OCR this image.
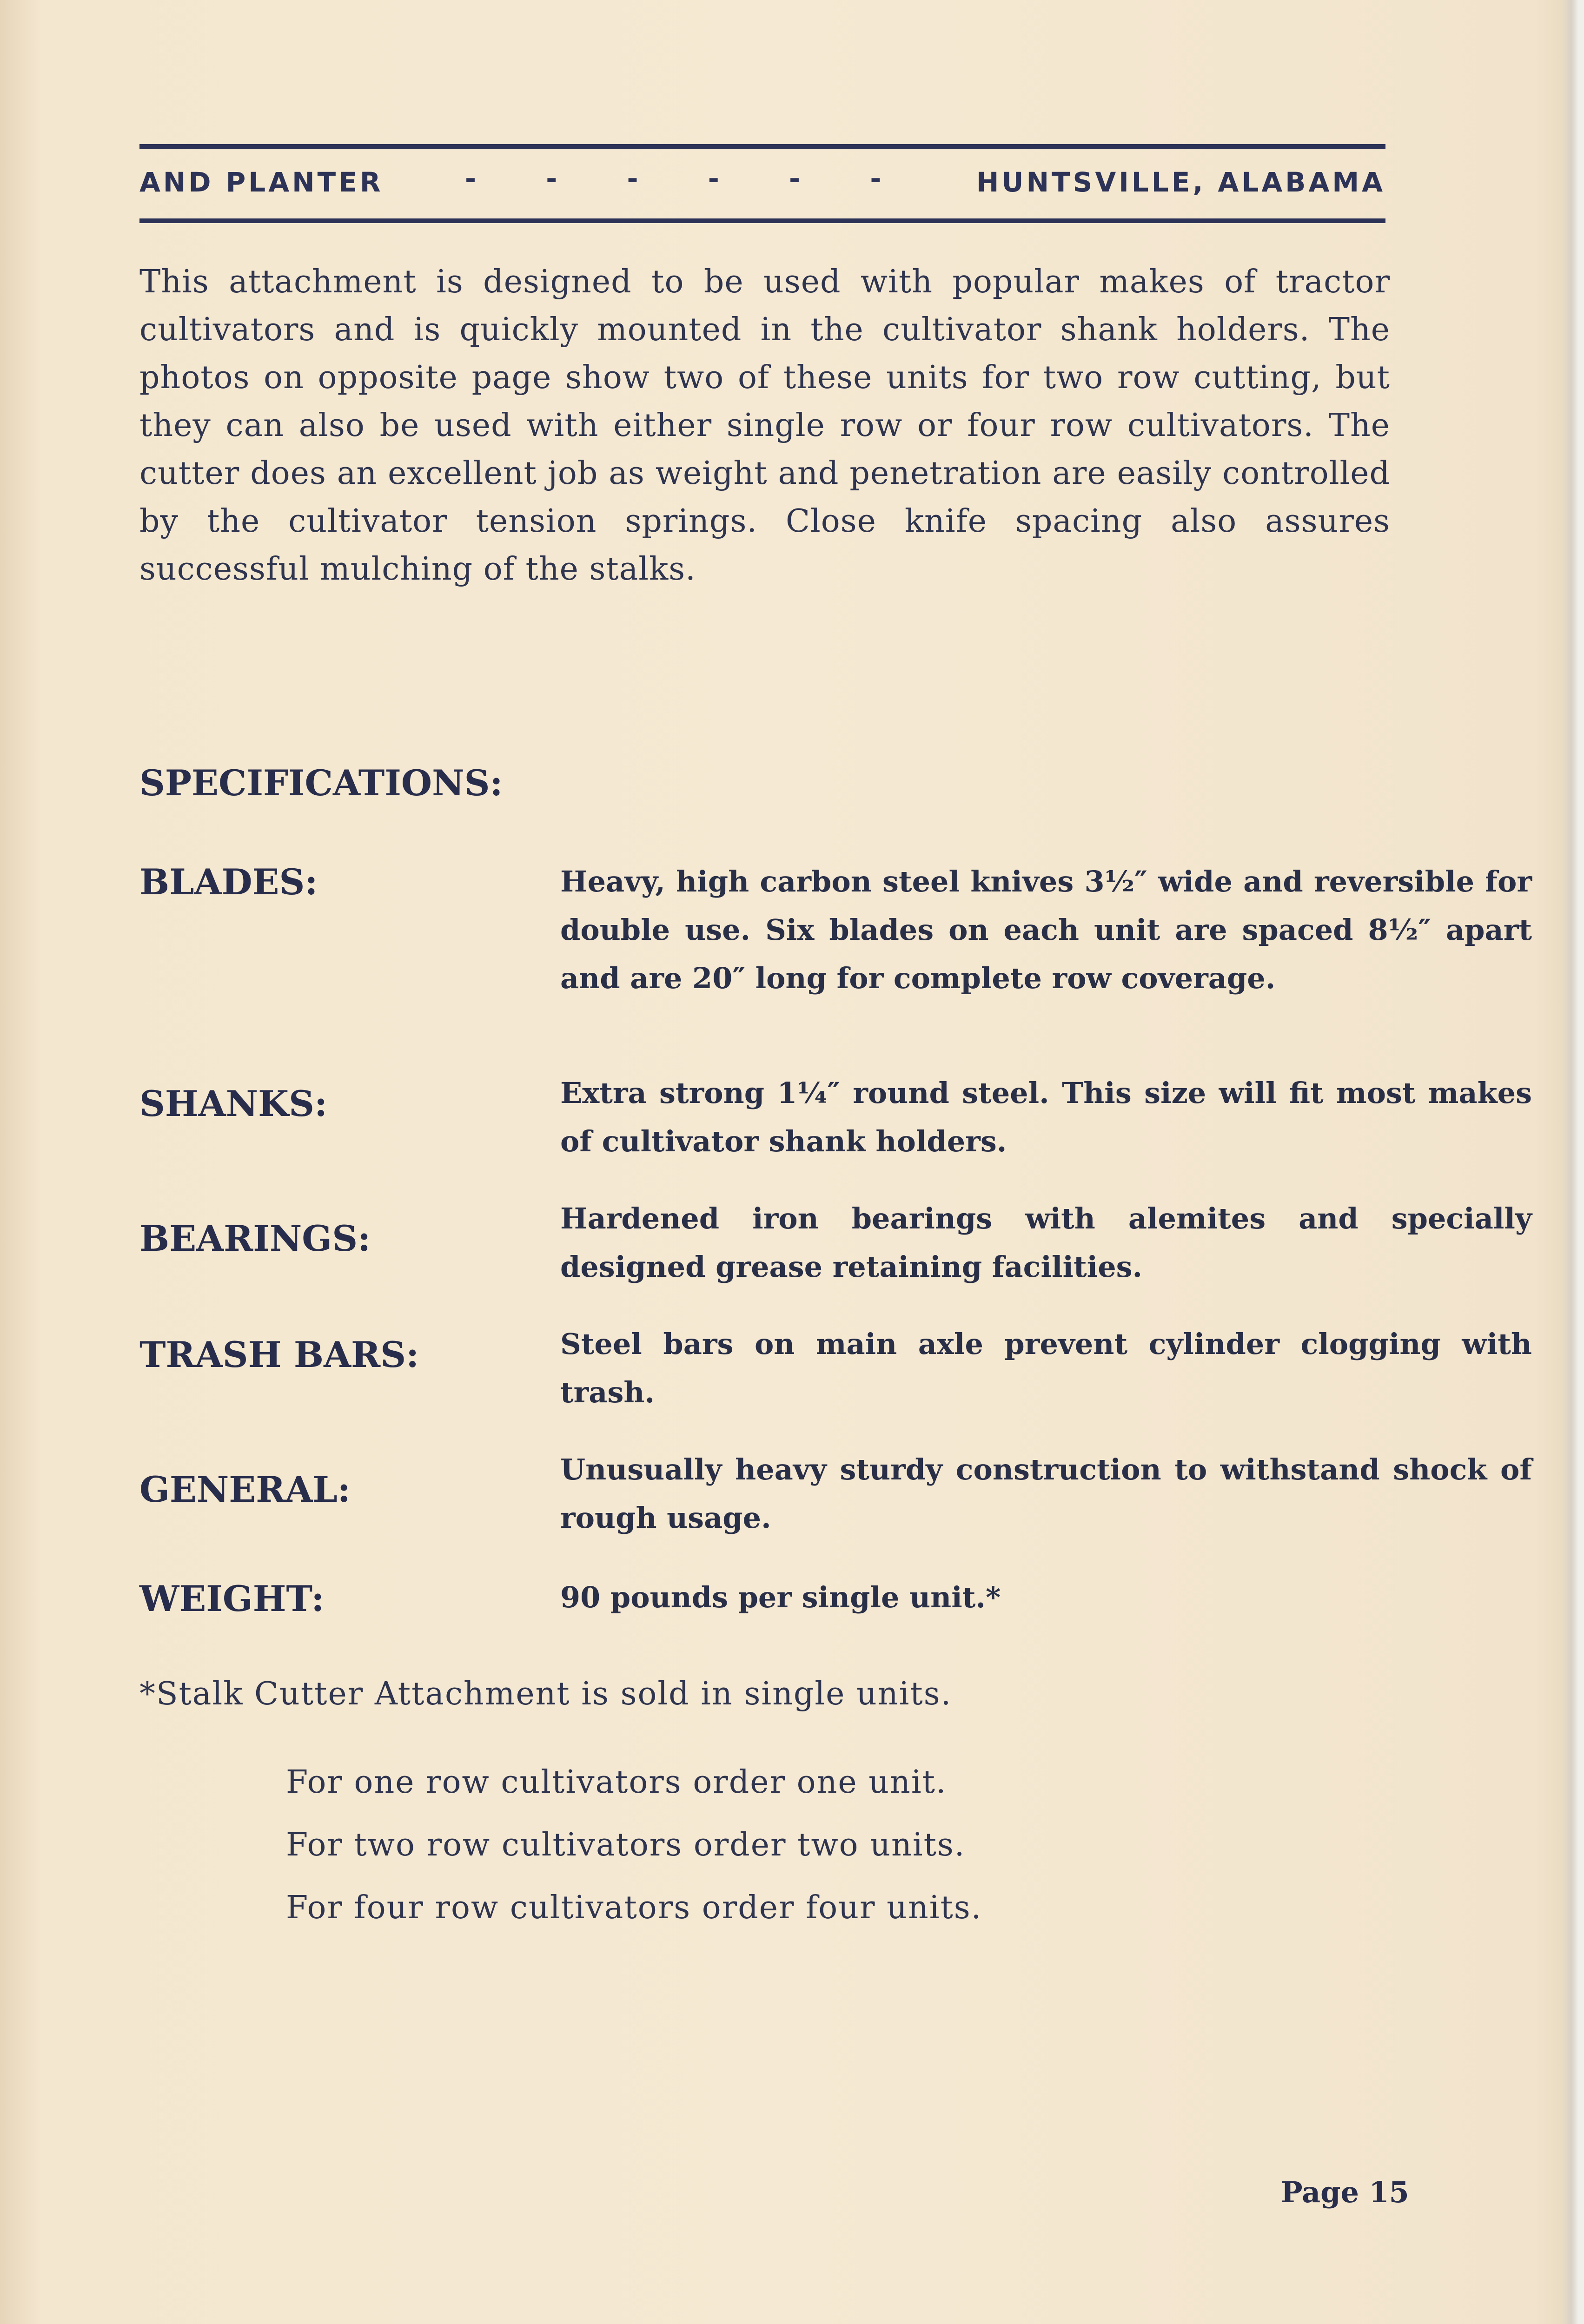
AND PLANTER	- - - - - -	HUNTSVILLE, ALABAMA

This attachment is designed to be used with popular makes of tractor cultivators and is quickly mounted in the cultivator shank holders. The photos on opposite page show two of these units for two row cutting, but they can also be used with either single row or four row cultivators. The cutter does an excellent job as weight and penetration are easily controlled by the cultivator tension springs. Close knife spacing also assures successful mulching of the stalks.

SPECIFICATIONS:
BLADES:	Heavy, high carbon steel knives 3½″ wide and reversible for double use. Six blades on each unit are spaced 8½″ apart and are 20″ long for complete row coverage.
SHANKS:	Extra strong 1¼″ round steel. This size will fit most makes of cultivator shank holders.
BEARINGS:	Hardened iron bearings with alemites and specially designed grease retaining facilities.
TRASH BARS:	Steel bars on main axle prevent cylinder clogging with trash.
GENERAL:	Unusually heavy sturdy construction to withstand shock of rough usage.
WEIGHT:	90 pounds per single unit.*
*Stalk Cutter Attachment is sold in single units.
For one row cultivators order one unit.
For two row cultivators order two units.
For four row cultivators order four units.
Page 15
